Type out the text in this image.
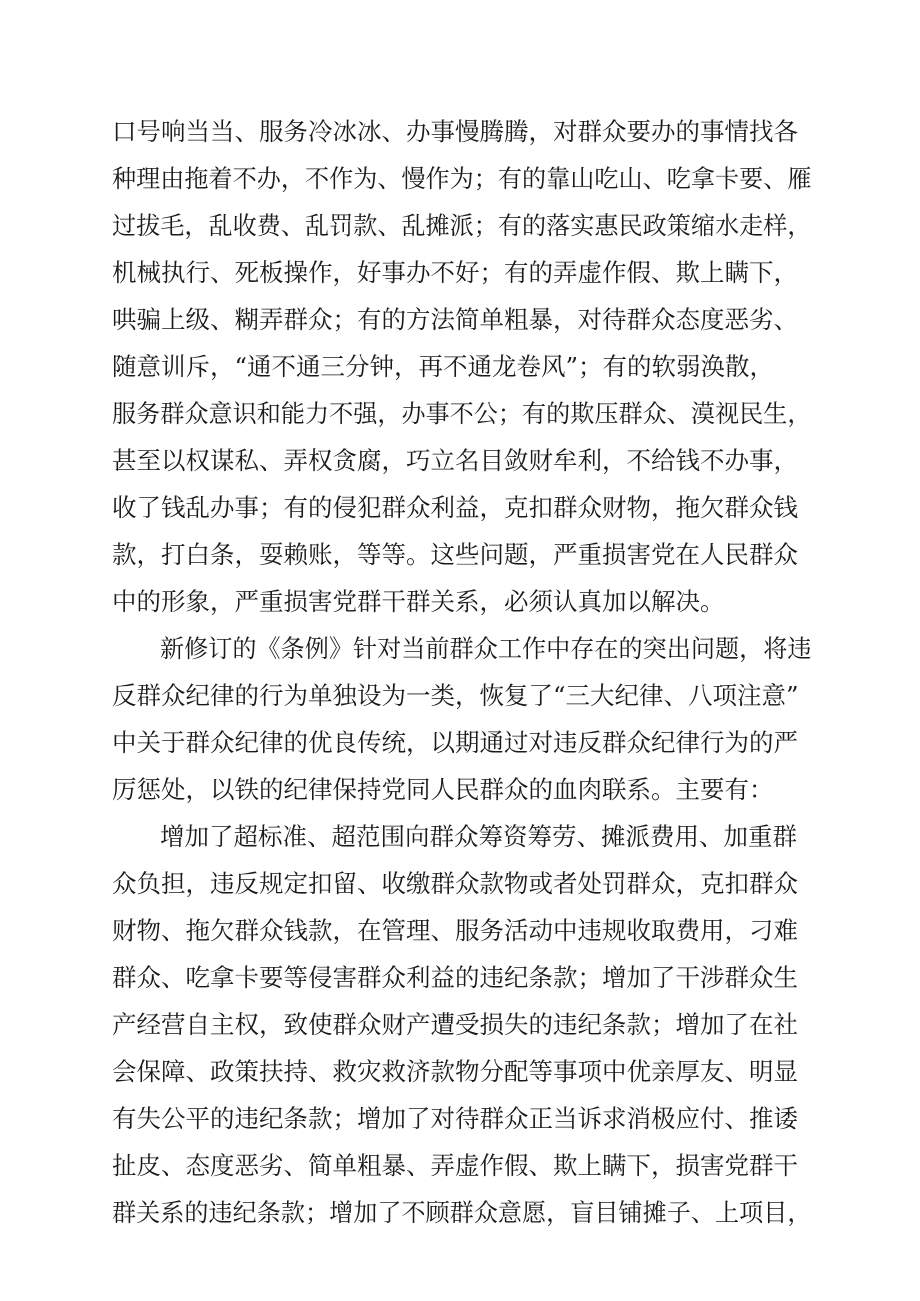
口号响当当、服务冷冰冰、办事慢腾腾，对群众要办的事情找各
种理由拖着不办，不作为、慢作为；有的靠山吃山、吃拿卡要、雁
过拔毛，乱收费、乱罚款、乱摊派；有的落实惠民政策缩水走样，
机械执行、死板操作，好事办不好；有的弄虚作假、欺上瞒下，
哄骗上级、糊弄群众；有的方法简单粗暴，对待群众态度恶劣、
随意训斥，“通不通三分钟，再不通龙卷风”；有的软弱涣散，
服务群众意识和能力不强，办事不公；有的欺压群众、漠视民生，
甚至以权谋私、弄权贪腐，巧立名目敛财牟利，不给钱不办事，
收了钱乱办事；有的侵犯群众利益，克扣群众财物，拖欠群众钱
款，打白条，耍赖账，等等。这些问题，严重损害党在人民群众
中的形象，严重损害党群干群关系，必须认真加以解决。
新修订的《条例》针对当前群众工作中存在的突出问题，将违
反群众纪律的行为单独设为一类，恢复了“三大纪律、八项注意”
中关于群众纪律的优良传统，以期通过对违反群众纪律行为的严
厉惩处，以铁的纪律保持党同人民群众的血肉联系。主要有：
增加了超标准、超范围向群众筹资筹劳、摊派费用、加重群
众负担，违反规定扣留、收缴群众款物或者处罚群众，克扣群众
财物、拖欠群众钱款，在管理、服务活动中违规收取费用，刁难
群众、吃拿卡要等侵害群众利益的违纪条款；增加了干涉群众生
产经营自主权，致使群众财产遭受损失的违纪条款；增加了在社
会保障、政策扶持、救灾救济款物分配等事项中优亲厚友、明显
有失公平的违纪条款；增加了对待群众正当诉求消极应付、推诿
扯皮、态度恶劣、简单粗暴、弄虚作假、欺上瞒下，损害党群干
群关系的违纪条款；增加了不顾群众意愿，盲目铺摊子、上项目，
